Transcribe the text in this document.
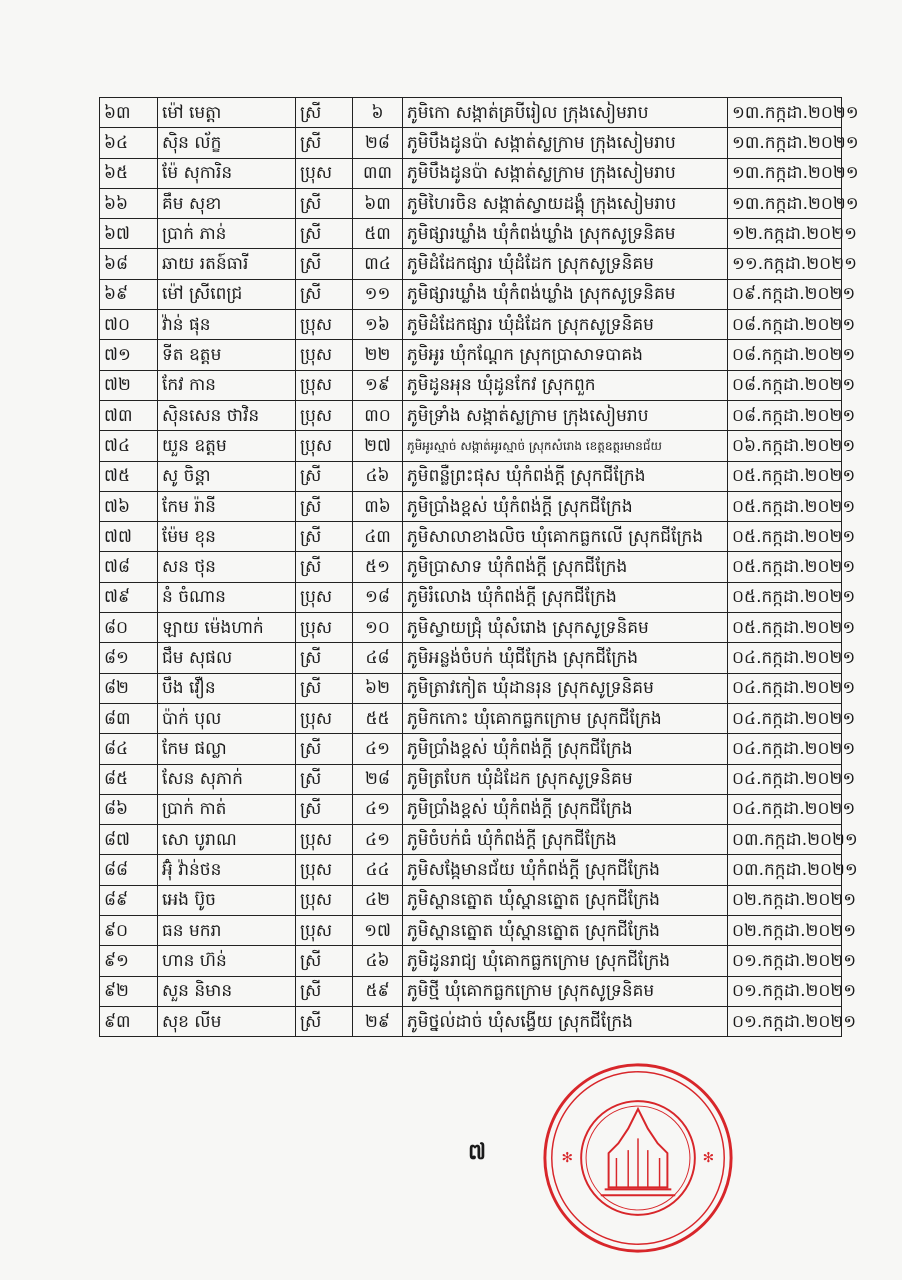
៦៣	ម៉ៅ មេត្តា	ស្រី	៦	ភូមិកោ សង្កាត់គ្របីរៀល ក្រុងសៀមរាប	១៣.កក្កដា.២០២១
៦៤	ស៊ិន ល័ក្ខ	ស្រី	២៨	ភូមិបឹងដូនប៉ា សង្កាត់ស្លក្រាម ក្រុងសៀមរាប	១៣.កក្កដា.២០២១
៦៥	ម៉ែ សុការិន	ប្រុស	៣៣	ភូមិបឹងដូនប៉ា សង្កាត់ស្លក្រាម ក្រុងសៀមរាប	១៣.កក្កដា.២០២១
៦៦	គឹម សុខា	ស្រី	៦៣	ភូមិហៃរចិន សង្កាត់ស្វាយដង្គុំ ក្រុងសៀមរាប	១៣.កក្កដា.២០២១
៦៧	ប្រាក់ ភាន់	ស្រី	៥៣	ភូមិផ្សារឃ្លាំង ឃុំកំពង់ឃ្លាំង ស្រុកសូទ្រនិគម	១២.កក្កដា.២០២១
៦៨	ឆាយ រតន៍ធារី	ស្រី	៣៤	ភូមិដំដែកផ្សារ ឃុំដំដែក ស្រុកសូទ្រនិគម	១១.កក្កដា.២០២១
៦៩	ម៉ៅ ស្រីពេជ្រ	ស្រី	១១	ភូមិផ្សារឃ្លាំង ឃុំកំពង់ឃ្លាំង ស្រុកសូទ្រនិគម	០៩.កក្កដា.២០២១
៧០	វ៉ាន់ ផុន	ប្រុស	១៦	ភូមិដំដែកផ្សារ ឃុំដំដែក ស្រុកសូទ្រនិគម	០៨.កក្កដា.២០២១
៧១	ទីត ឧត្តម	ប្រុស	២២	ភូមិអូរ ឃុំកណ្ដែក ស្រុកប្រាសាទបាគង	០៨.កក្កដា.២០២១
៧២	កែវ កាន	ប្រុស	១៩	ភូមិដូនអុន ឃុំដូនកែវ ស្រុកពួក	០៨.កក្កដា.២០២១
៧៣	ស៊ិនសេន ថាវិន	ប្រុស	៣០	ភូមិទ្រាំង សង្កាត់ស្លក្រាម ក្រុងសៀមរាប	០៨.កក្កដា.២០២១
៧៤	យួន ឧត្តម	ប្រុស	២៧	ភូមិអូរស្មាច់ សង្កាត់អូរស្មាច់ ស្រុកសំរោង ខេត្តឧត្តរមានជ័យ	០៦.កក្កដា.២០២១
៧៥	សូ ចិន្តា	ស្រី	៤៦	ភូមិពន្លឺព្រះផុស ឃុំកំពង់ក្ដី ស្រុកជីក្រែង	០៥.កក្កដា.២០២១
៧៦	កែម រ៉ានី	ស្រី	៣៦	ភូមិប្រាំងខ្ពស់ ឃុំកំពង់ក្ដី ស្រុកជីក្រែង	០៥.កក្កដា.២០២១
៧៧	ម៉ែម ខុន	ស្រី	៤៣	ភូមិសាលាខាងលិច ឃុំគោកធ្លកលើ ស្រុកជីក្រែង	០៥.កក្កដា.២០២១
៧៨	សន ថុន	ស្រី	៥១	ភូមិប្រាសាទ ឃុំកំពង់ក្ដី ស្រុកជីក្រែង	០៥.កក្កដា.២០២១
៧៩	នំ ចំណាន	ប្រុស	១៨	ភូមិរំលោង ឃុំកំពង់ក្ដី ស្រុកជីក្រែង	០៥.កក្កដា.២០២១
៨០	ឡាយ ម៉េងហាក់	ប្រុស	១០	ភូមិស្វាយជ្រុំ ឃុំសំរោង ស្រុកសូទ្រនិគម	០៥.កក្កដា.២០២១
៨១	ជឹម សុផល	ស្រី	៤៨	ភូមិអន្លង់ចំបក់ ឃុំជីក្រែង ស្រុកជីក្រែង	០៤.កក្កដា.២០២១
៨២	បឹង វឿន	ស្រី	៦២	ភូមិត្រាវកៀត ឃុំដានរុន ស្រុកសូទ្រនិគម	០៤.កក្កដា.២០២១
៨៣	ប៉ាក់ បុល	ប្រុស	៥៥	ភូមិកកោះ ឃុំគោកធ្លកក្រោម ស្រុកជីក្រែង	០៤.កក្កដា.២០២១
៨៤	កែម ផល្លា	ស្រី	៤១	ភូមិប្រាំងខ្ពស់ ឃុំកំពង់ក្ដី ស្រុកជីក្រែង	០៤.កក្កដា.២០២១
៨៥	សែន សុភាក់	ស្រី	២៨	ភូមិត្របែក ឃុំដំដែក ស្រុកសូទ្រនិគម	០៤.កក្កដា.២០២១
៨៦	ប្រាក់ កាត់	ស្រី	៤១	ភូមិប្រាំងខ្ពស់ ឃុំកំពង់ក្ដី ស្រុកជីក្រែង	០៤.កក្កដា.២០២១
៨៧	សោ បូរាណ	ប្រុស	៤១	ភូមិចំបក់ធំ ឃុំកំពង់ក្ដី ស្រុកជីក្រែង	០៣.កក្កដា.២០២១
៨៨	អ៊ុំ វ៉ាន់ថន	ប្រុស	៤៤	ភូមិសង្កែមានជ័យ ឃុំកំពង់ក្ដី ស្រុកជីក្រែង	០៣.កក្កដា.២០២១
៨៩	អេង ប៊ូច	ប្រុស	៤២	ភូមិស្ពានត្នោត ឃុំស្ពានត្នោត ស្រុកជីក្រែង	០២.កក្កដា.២០២១
៩០	ធន មករា	ប្រុស	១៧	ភូមិស្ពានត្នោត ឃុំស្ពានត្នោត ស្រុកជីក្រែង	០២.កក្កដា.២០២១
៩១	ហាន ហ៊ន់	ស្រី	៤៦	ភូមិដូនរាជ្យ ឃុំគោកធ្លកក្រោម ស្រុកជីក្រែង	០១.កក្កដា.២០២១
៩២	សួន និមាន	ស្រី	៥៩	ភូមិថ្មី ឃុំគោកធ្លកក្រោម ស្រុកសូទ្រនិគម	០១.កក្កដា.២០២១
៩៣	សុខ លីម	ស្រី	២៩	ភូមិថ្នល់ដាច់ ឃុំសង្វើយ ស្រុកជីក្រែង	០១.កក្កដា.២០២១
៧	✻	✻
